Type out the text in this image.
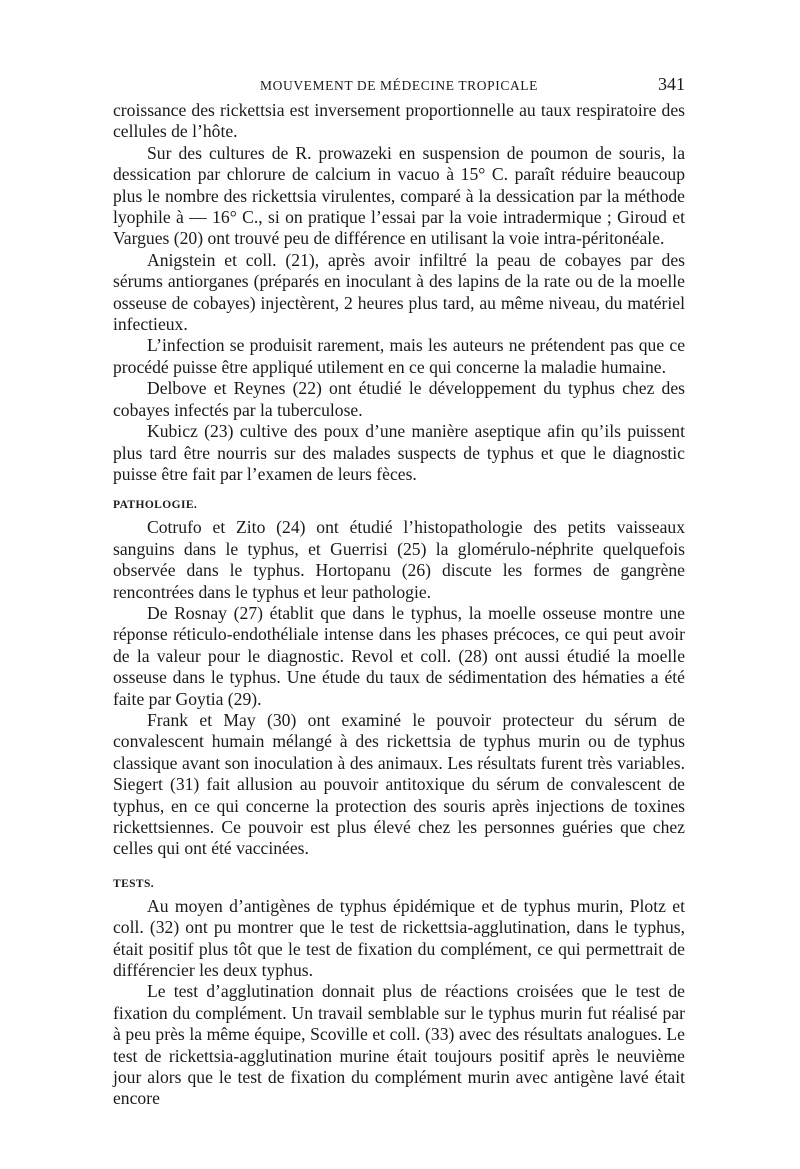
MOUVEMENT DE MÉDECINE TROPICALE	341

croissance des rickettsia est inversement proportionnelle au taux respiratoire des cellules de l’hôte.

Sur des cultures de R. prowazeki en suspension de poumon de souris, la dessication par chlorure de calcium in vacuo à 15° C. paraît réduire beaucoup plus le nombre des rickettsia virulentes, comparé à la dessication par la méthode lyophile à — 16° C., si on pratique l’essai par la voie intradermique ; Giroud et Vargues (20) ont trouvé peu de différence en utilisant la voie intra-péritonéale.

Anigstein et coll. (21), après avoir infiltré la peau de cobayes par des sérums antiorganes (préparés en inoculant à des lapins de la rate ou de la moelle osseuse de cobayes) injectèrent, 2 heures plus tard, au même niveau, du matériel infectieux.

L’infection se produisit rarement, mais les auteurs ne prétendent pas que ce procédé puisse être appliqué utilement en ce qui concerne la maladie humaine.

Delbove et Reynes (22) ont étudié le développement du typhus chez des cobayes infectés par la tuberculose.

Kubicz (23) cultive des poux d’une manière aseptique afin qu’ils puissent plus tard être nourris sur des malades suspects de typhus et que le diagnostic puisse être fait par l’examen de leurs fèces.

PATHOLOGIE.

Cotrufo et Zito (24) ont étudié l’histopathologie des petits vaisseaux sanguins dans le typhus, et Guerrisi (25) la glomérulo-néphrite quelquefois observée dans le typhus. Hortopanu (26) discute les formes de gangrène rencontrées dans le typhus et leur pathologie.

De Rosnay (27) établit que dans le typhus, la moelle osseuse montre une réponse réticulo-endothéliale intense dans les phases précoces, ce qui peut avoir de la valeur pour le diagnostic. Revol et coll. (28) ont aussi étudié la moelle osseuse dans le typhus. Une étude du taux de sédimentation des hématies a été faite par Goytia (29).

Frank et May (30) ont examiné le pouvoir protecteur du sérum de convalescent humain mélangé à des rickettsia de typhus murin ou de typhus classique avant son inoculation à des animaux. Les résultats furent très variables. Siegert (31) fait allusion au pouvoir antitoxique du sérum de convalescent de typhus, en ce qui concerne la protection des souris après injections de toxines rickettsiennes. Ce pouvoir est plus élevé chez les personnes guéries que chez celles qui ont été vaccinées.

TESTS.

Au moyen d’antigènes de typhus épidémique et de typhus murin, Plotz et coll. (32) ont pu montrer que le test de rickettsia-agglutination, dans le typhus, était positif plus tôt que le test de fixation du complément, ce qui permettrait de différencier les deux typhus.

Le test d’agglutination donnait plus de réactions croisées que le test de fixation du complément. Un travail semblable sur le typhus murin fut réalisé par à peu près la même équipe, Scoville et coll. (33) avec des résultats analogues. Le test de rickettsia-agglutination murine était toujours positif après le neuvième jour alors que le test de fixation du complément murin avec antigène lavé était encore
